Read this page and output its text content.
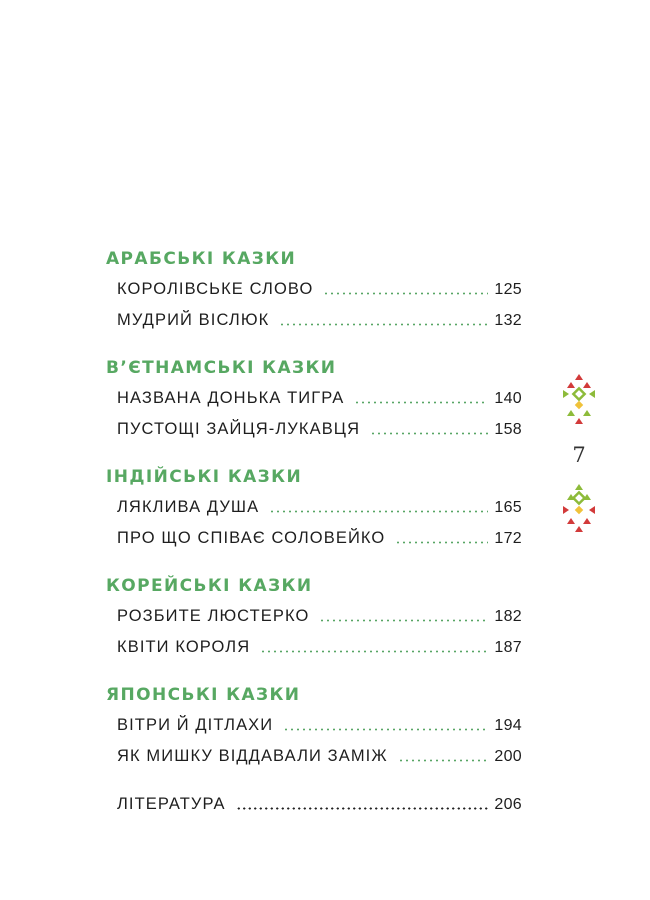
АРАБСЬКІ КАЗКИ
КОРОЛІВСЬКЕ СЛОВО	125
МУДРИЙ ВІСЛЮК	132
В’ЄТНАМСЬКІ КАЗКИ
НАЗВАНА ДОНЬКА ТИГРА	140
ПУСТОЩІ ЗАЙЦЯ-ЛУКАВЦЯ	158
ІНДІЙСЬКІ КАЗКИ
ЛЯКЛИВА ДУША	165
ПРО ЩО СПІВАЄ СОЛОВЕЙКО	172
КОРЕЙСЬКІ КАЗКИ
РОЗБИТЕ ЛЮСТЕРКО	182
КВІТИ КОРОЛЯ	187
ЯПОНСЬКІ КАЗКИ
ВІТРИ Й ДІТЛАХИ	194
ЯК МИШКУ ВІДДАВАЛИ ЗАМІЖ	200
ЛІТЕРАТУРА	206
7
